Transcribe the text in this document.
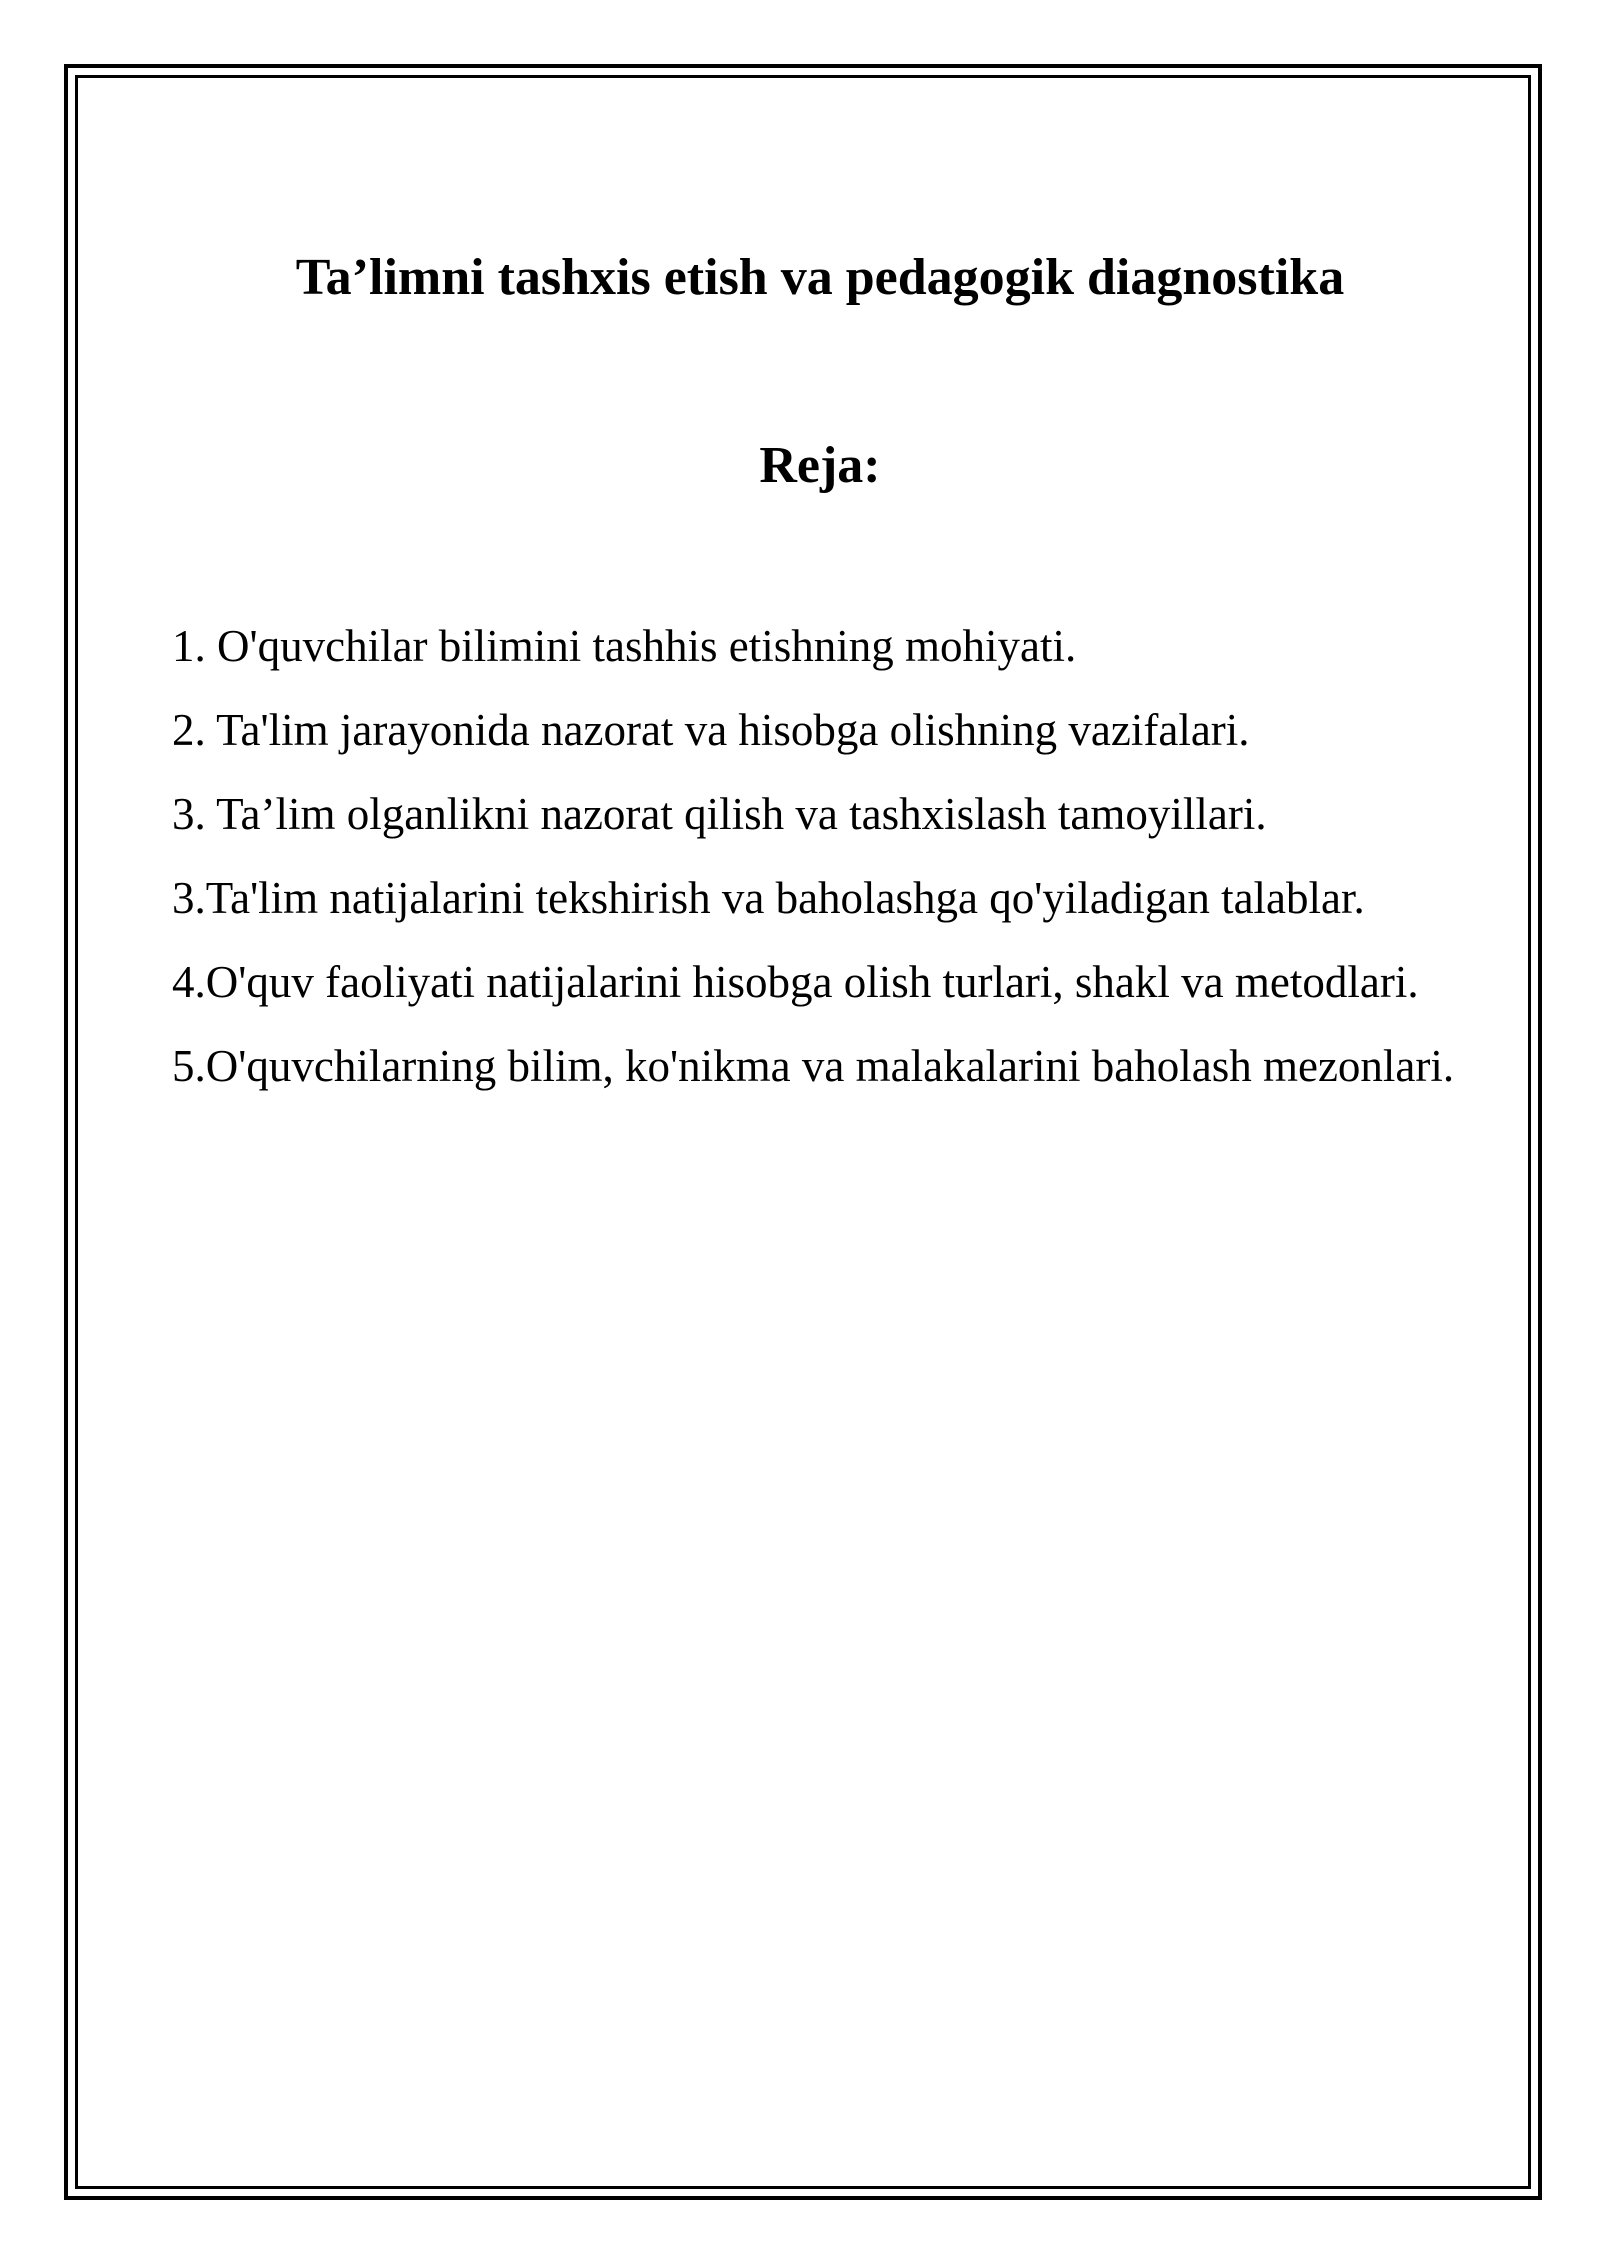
Ta’limni tashxis etish va pedagogik diagnostika
Reja:
1. O'quvchilar bilimini tashhis etishning mohiyati.
2. Ta'lim jarayonida nazorat va hisobga olishning vazifalari.
3. Ta’lim olganlikni nazorat qilish va tashxislash tamoyillari.
3.Ta'lim natijalarini tekshirish va baholashga qo'yiladigan talablar.
4.O'quv faoliyati natijalarini hisobga olish turlari, shakl va metodlari.
5.O'quvchilarning bilim, ko'nikma va malakalarini baholash mezonlari.
